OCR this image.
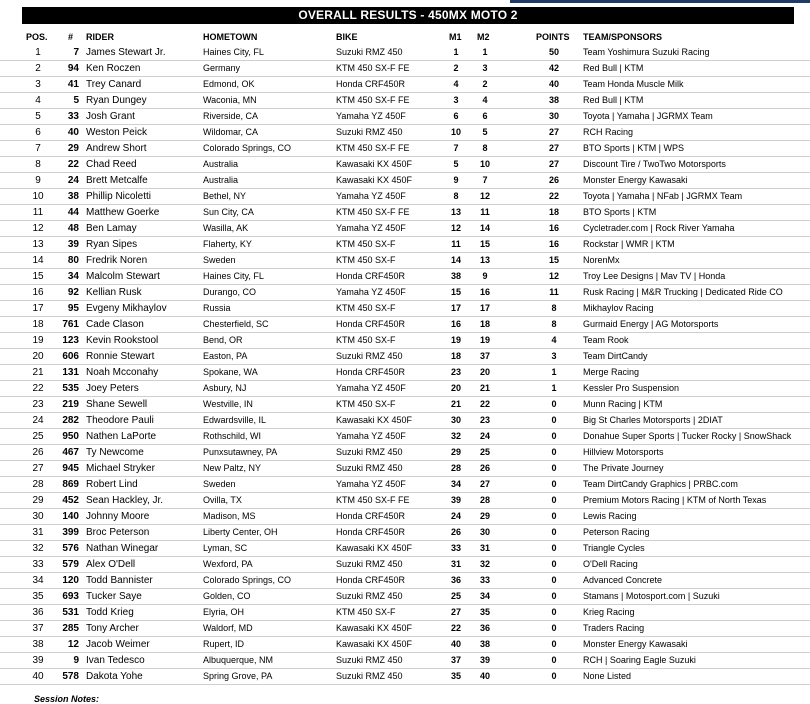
OVERALL RESULTS - 450MX MOTO 2
POS. # RIDER	HOMETOWN	BIKE	M1 M2	POINTS TEAM/SPONSORS
1	7 James Stewart Jr.	Haines City, FL	Suzuki RMZ 450	1	1	50	Team Yoshimura Suzuki Racing
2	94 Ken Roczen	Germany	KTM 450 SX-F FE	2	3	42	Red Bull | KTM
3	41 Trey Canard	Edmond, OK	Honda CRF450R	4	2	40	Team Honda Muscle Milk
4	5 Ryan Dungey	Waconia, MN	KTM 450 SX-F FE	3	4	38	Red Bull | KTM
5	33 Josh Grant	Riverside, CA	Yamaha YZ 450F	6	6	30	Toyota | Yamaha | JGRMX Team
6	40 Weston Peick	Wildomar, CA	Suzuki RMZ 450	10	5	27	RCH Racing
7	29 Andrew Short	Colorado Springs, CO	KTM 450 SX-F FE	7	8	27	BTO Sports | KTM | WPS
8	22 Chad Reed	Australia	Kawasaki KX 450F	5	10	27	Discount Tire / TwoTwo Motorsports
9	24 Brett Metcalfe	Australia	Kawasaki KX 450F	9	7	26	Monster Energy Kawasaki
10	38 Phillip Nicoletti	Bethel, NY	Yamaha YZ 450F	8	12	22	Toyota | Yamaha | NFab | JGRMX Team
11	44 Matthew Goerke	Sun City, CA	KTM 450 SX-F FE	13	11	18	BTO Sports | KTM
12	48 Ben Lamay	Wasilla, AK	Yamaha YZ 450F	12	14	16	Cycletrader.com | Rock River Yamaha
13	39 Ryan Sipes	Flaherty, KY	KTM 450 SX-F	11	15	16	Rockstar | WMR | KTM
14	80 Fredrik Noren	Sweden	KTM 450 SX-F	14	13	15	NorenMx
15	34 Malcolm Stewart	Haines City, FL	Honda CRF450R	38	9	12	Troy Lee Designs | Mav TV | Honda
16	92 Kellian Rusk	Durango, CO	Yamaha YZ 450F	15	16	11	Rusk Racing | M&R Trucking | Dedicated Ride CO
17	95 Evgeny Mikhaylov	Russia	KTM 450 SX-F	17	17	8	Mikhaylov Racing
18	761 Cade Clason	Chesterfield, SC	Honda CRF450R	16	18	8	Gurmaid Energy | AG Motorsports
19	123 Kevin Rookstool	Bend, OR	KTM 450 SX-F	19	19	4	Team Rook
20	606 Ronnie Stewart	Easton, PA	Suzuki RMZ 450	18	37	3	Team DirtCandy
21	131 Noah Mcconahy	Spokane, WA	Honda CRF450R	23	20	1	Merge Racing
22	535 Joey Peters	Asbury, NJ	Yamaha YZ 450F	20	21	1	Kessler Pro Suspension
23	219 Shane Sewell	Westville, IN	KTM 450 SX-F	21	22	0	Munn Racing | KTM
24	282 Theodore Pauli	Edwardsville, IL	Kawasaki KX 450F	30	23	0	Big St Charles Motorsports | 2DIAT
25	950 Nathen LaPorte	Rothschild, WI	Yamaha YZ 450F	32	24	0	Donahue Super Sports | Tucker Rocky | SnowShack
26	467 Ty Newcome	Punxsutawney, PA	Suzuki RMZ 450	29	25	0	Hillview Motorsports
27	945 Michael Stryker	New Paltz, NY	Suzuki RMZ 450	28	26	0	The Private Journey
28	869 Robert Lind	Sweden	Yamaha YZ 450F	34	27	0	Team DirtCandy Graphics | PRBC.com
29	452 Sean Hackley, Jr.	Ovilla, TX	KTM 450 SX-F FE	39	28	0	Premium Motors Racing | KTM of North Texas
30	140 Johnny Moore	Madison, MS	Honda CRF450R	24	29	0	Lewis Racing
31	399 Broc Peterson	Liberty Center, OH	Honda CRF450R	26	30	0	Peterson Racing
32	576 Nathan Winegar	Lyman, SC	Kawasaki KX 450F	33	31	0	Triangle Cycles
33	579 Alex O'Dell	Wexford, PA	Suzuki RMZ 450	31	32	0	O'Dell Racing
34	120 Todd Bannister	Colorado Springs, CO	Honda CRF450R	36	33	0	Advanced Concrete
35	693 Tucker Saye	Golden, CO	Suzuki RMZ 450	25	34	0	Stamans | Motosport.com | Suzuki
36	531 Todd Krieg	Elyria, OH	KTM 450 SX-F	27	35	0	Krieg Racing
37	285 Tony Archer	Waldorf, MD	Kawasaki KX 450F	22	36	0	Traders Racing
38	12 Jacob Weimer	Rupert, ID	Kawasaki KX 450F	40	38	0	Monster Energy Kawasaki
39	9 Ivan Tedesco	Albuquerque, NM	Suzuki RMZ 450	37	39	0	RCH | Soaring Eagle Suzuki
40	578 Dakota Yohe	Spring Grove, PA	Suzuki RMZ 450	35	40	0	None Listed
Session Notes:
